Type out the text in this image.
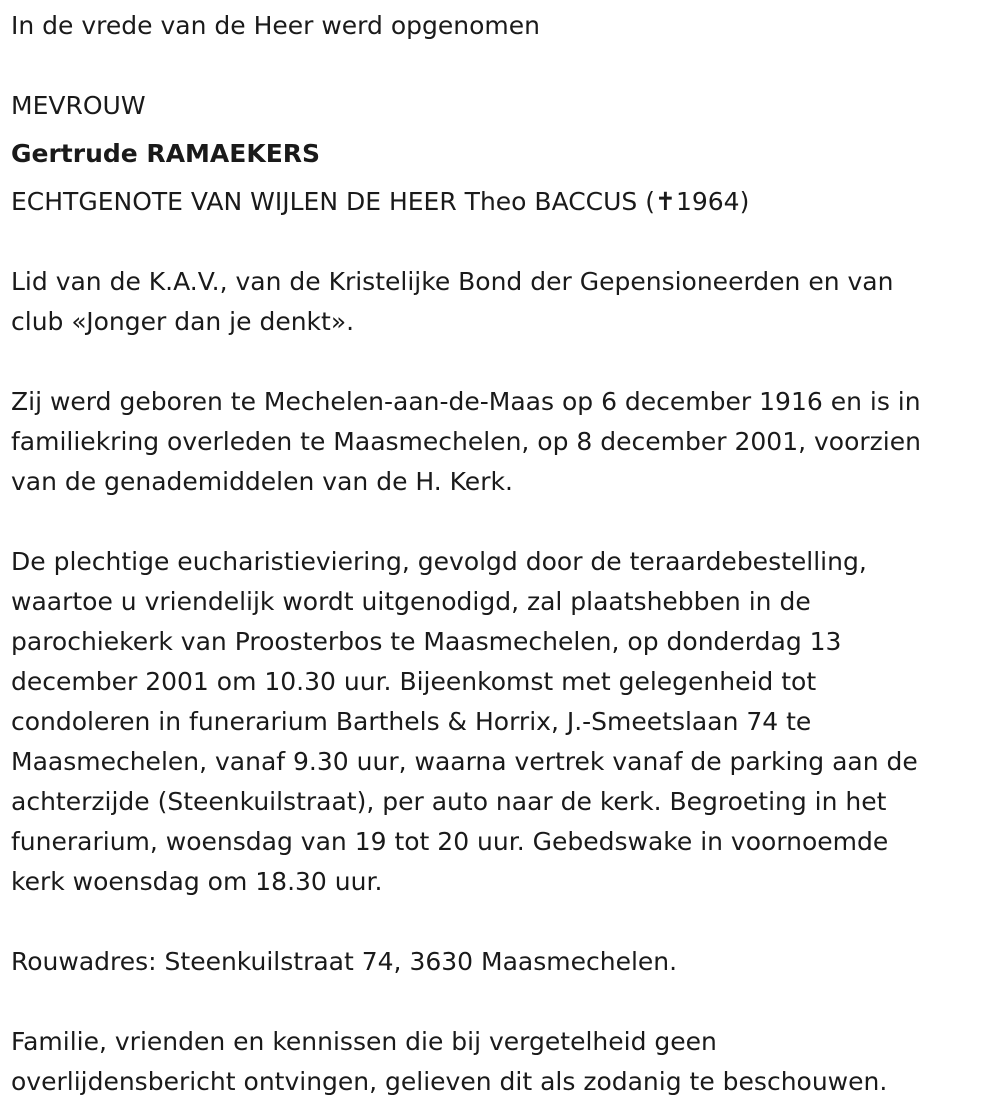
In de vrede van de Heer werd opgenomen

MEVROUW

Gertrude RAMAEKERS

ECHTGENOTE VAN WIJLEN DE HEER Theo BACCUS (✝1964)

Lid van de K.A.V., van de Kristelijke Bond der Gepensioneerden en van

club «Jonger dan je denkt».

Zij werd geboren te Mechelen-aan-de-Maas op 6 december 1916 en is in

familiekring overleden te Maasmechelen, op 8 december 2001, voorzien

van de genademiddelen van de H. Kerk.

De plechtige eucharistieviering, gevolgd door de teraardebestelling,

waartoe u vriendelijk wordt uitgenodigd, zal plaatshebben in de

parochiekerk van Proosterbos te Maasmechelen, op donderdag 13

december 2001 om 10.30 uur. Bijeenkomst met gelegenheid tot

condoleren in funerarium Barthels & Horrix, J.-Smeetslaan 74 te

Maasmechelen, vanaf 9.30 uur, waarna vertrek vanaf de parking aan de

achterzijde (Steenkuilstraat), per auto naar de kerk. Begroeting in het

funerarium, woensdag van 19 tot 20 uur. Gebedswake in voornoemde

kerk woensdag om 18.30 uur.

Rouwadres: Steenkuilstraat 74, 3630 Maasmechelen.

Familie, vrienden en kennissen die bij vergetelheid geen

overlijdensbericht ontvingen, gelieven dit als zodanig te beschouwen.
